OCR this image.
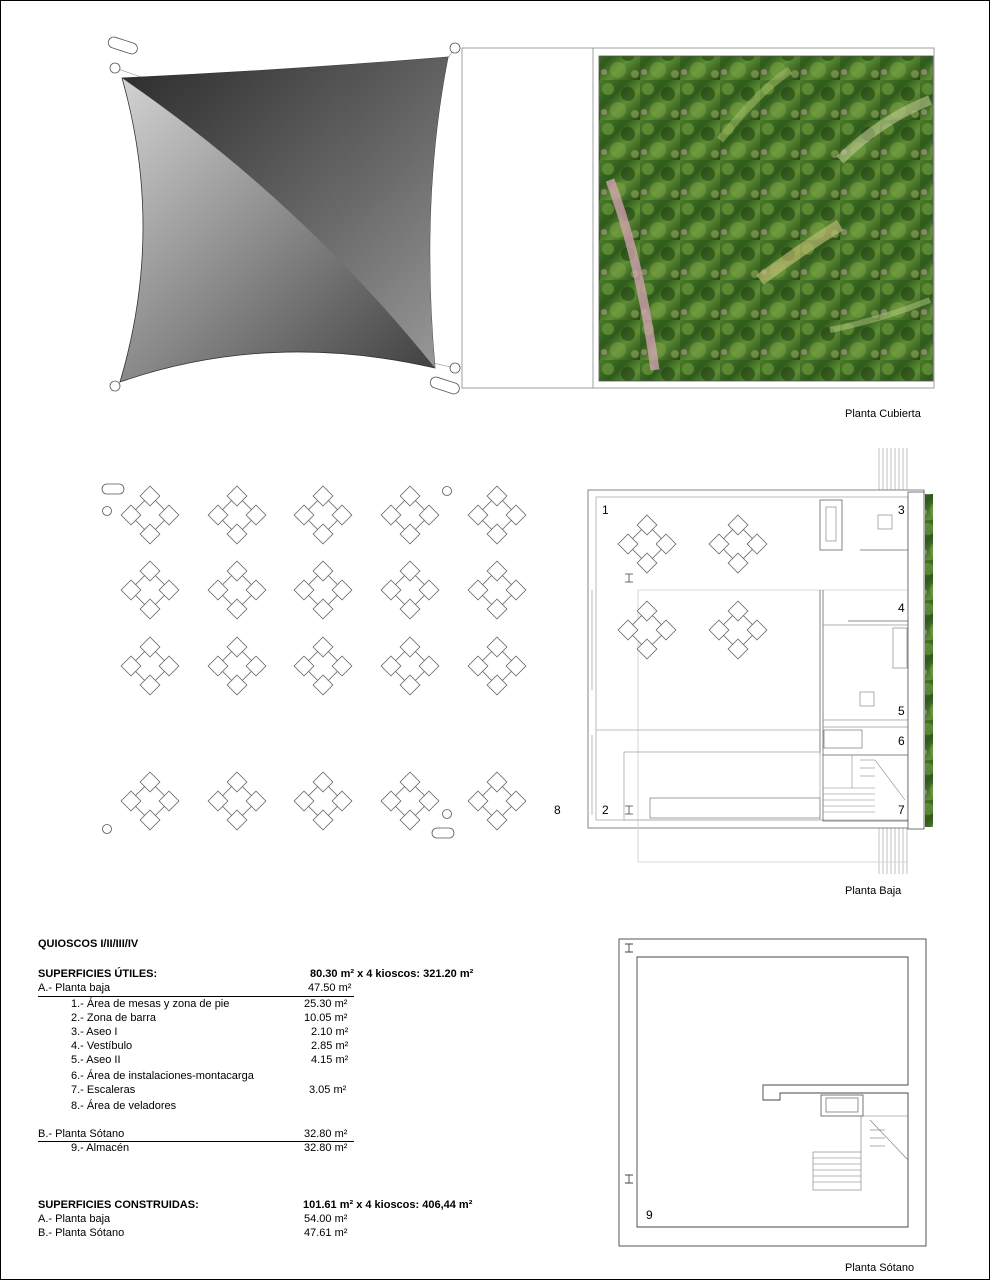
Planta Cubierta
Planta Baja
Planta Sótano
1
2
3
4
5
6
7
8
9
QUIOSCOS I/II/III/IV
SUPERFICIES ÚTILES:	80.30 m² x 4 kioscos: 321.20 m²
A.- Planta baja	47.50 m²
1.- Área de mesas y zona de pie	25.30 m²
2.- Zona de barra	10.05 m²
3.- Aseo I	2.10 m²
4.- Vestíbulo	2.85 m²
5.- Aseo II	4.15 m²
6.- Área de instalaciones-montacarga
7.- Escaleras	3.05 m²
8.- Área de veladores
B.- Planta Sótano	32.80 m²
9.- Almacén	32.80 m²
SUPERFICIES CONSTRUIDAS:	101.61 m² x 4 kioscos: 406,44 m²
A.- Planta baja	54.00 m²
B.- Planta Sótano	47.61 m²
